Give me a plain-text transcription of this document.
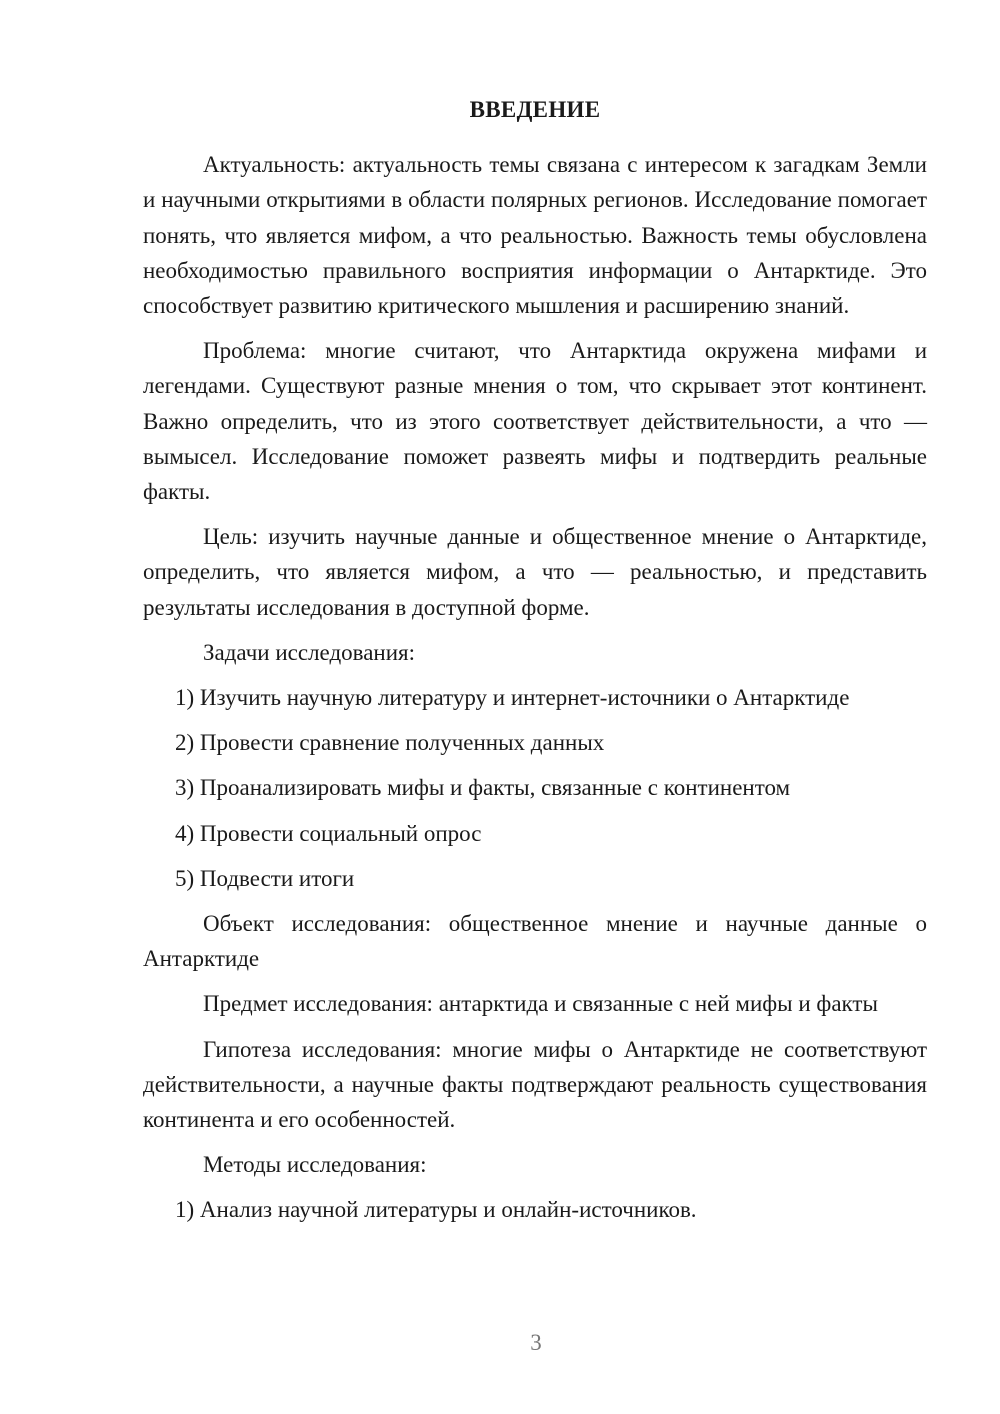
ВВЕДЕНИЕ

Актуальность: актуальность темы связана с интересом к загадкам Земли и научными открытиями в области полярных регионов. Исследование помогает понять, что является мифом, а что реальностью. Важность темы обусловлена необходимостью правильного восприятия информации о Антарктиде. Это способствует развитию критического мышления и расширению знаний.

Проблема: многие считают, что Антарктида окружена мифами и легендами. Существуют разные мнения о том, что скрывает этот континент. Важно определить, что из этого соответствует действительности, а что — вымысел. Исследование поможет развеять мифы и подтвердить реальные факты.

Цель: изучить научные данные и общественное мнение о Антарктиде, определить, что является мифом, а что — реальностью, и представить результаты исследования в доступной форме.

Задачи исследования:

1) Изучить научную литературу и интернет-источники о Антарктиде
2) Провести сравнение полученных данных
3) Проанализировать мифы и факты, связанные с континентом
4) Провести социальный опрос
5) Подвести итоги

Объект исследования: общественное мнение и научные данные о Антарктиде

Предмет исследования: антарктида и связанные с ней мифы и факты

Гипотеза исследования: многие мифы о Антарктиде не соответствуют действительности, а научные факты подтверждают реальность существования континента и его особенностей.

Методы исследования:

1) Анализ научной литературы и онлайн-источников.
3
